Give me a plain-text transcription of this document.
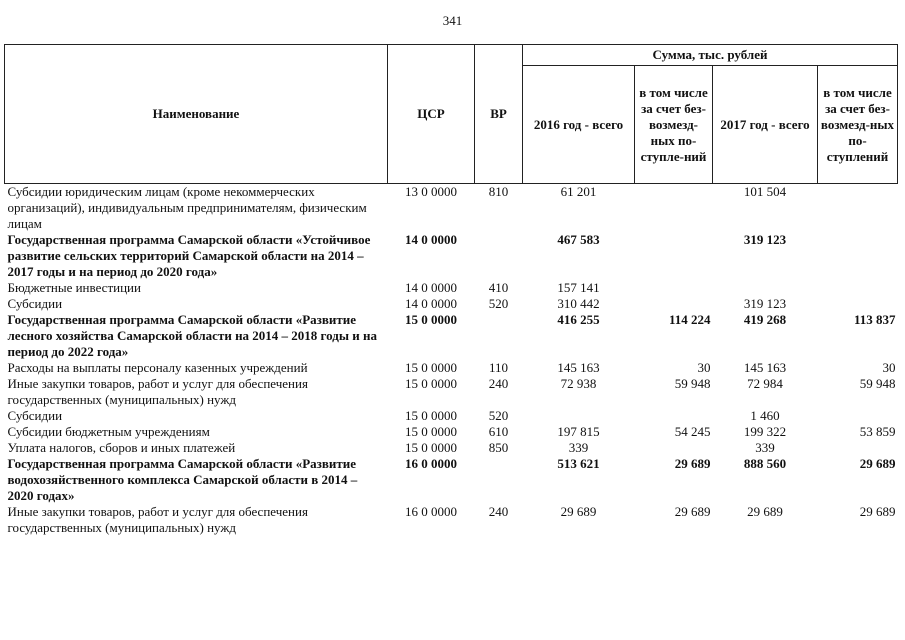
341
Наименование	ЦСР	ВР	Сумма, тыс. рублей			
			2016 год - всего	в том числе за счет без-возмезд-ных по-ступле-ний	2017 год - всего	в том числе за счет без-возмезд-ных по-ступлений
Субсидии юридическим лицам (кроме некоммерческих организаций), индивидуальным предпринимателям, физическим лицам	13 0 0000	810	61 201		101 504	
Государственная программа Самарской области «Устойчивое развитие сельских территорий Самарской области на 2014 – 2017 годы и на период до 2020 года»	14 0 0000		467 583		319 123	
Бюджетные инвестиции	14 0 0000	410	157 141			
Субсидии	14 0 0000	520	310 442		319 123	
Государственная программа Самарской области «Развитие лесного хозяйства Самарской области на 2014 – 2018 годы и на период до 2022 года»	15 0 0000		416 255	114 224	419 268	113 837
Расходы на выплаты персоналу казенных учреждений	15 0 0000	110	145 163	30	145 163	30
Иные закупки товаров, работ и услуг для обеспечения государственных (муниципальных) нужд	15 0 0000	240	72 938	59 948	72 984	59 948
Субсидии	15 0 0000	520			1 460	
Субсидии бюджетным учреждениям	15 0 0000	610	197 815	54 245	199 322	53 859
Уплата налогов, сборов и иных платежей	15 0 0000	850	339		339	
Государственная программа Самарской области «Развитие водохозяйственного комплекса Самарской области в 2014 – 2020 годах»	16 0 0000		513 621	29 689	888 560	29 689
Иные закупки товаров, работ и услуг для обеспечения государственных (муниципальных) нужд	16 0 0000	240	29 689	29 689	29 689	29 689
